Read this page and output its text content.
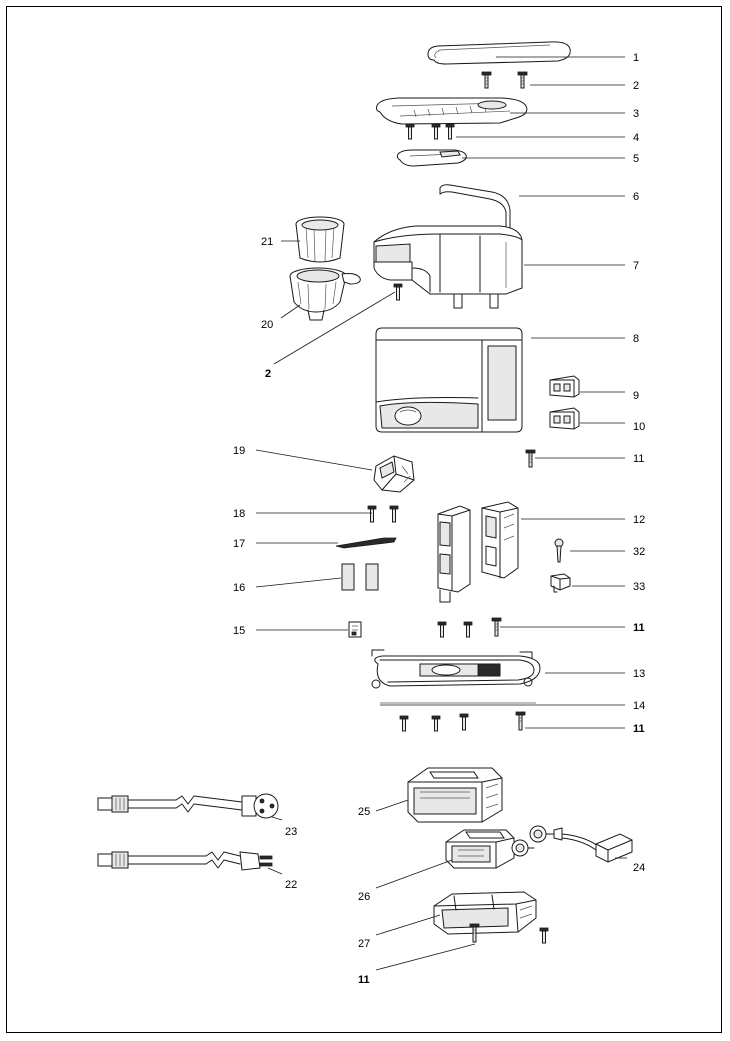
1
2
3
4
5
6
7
8
9
10
11
19
18
17
16
15
12
32
33
11
13
14
11
21
20
2
23
22
25
26
24
27
11
